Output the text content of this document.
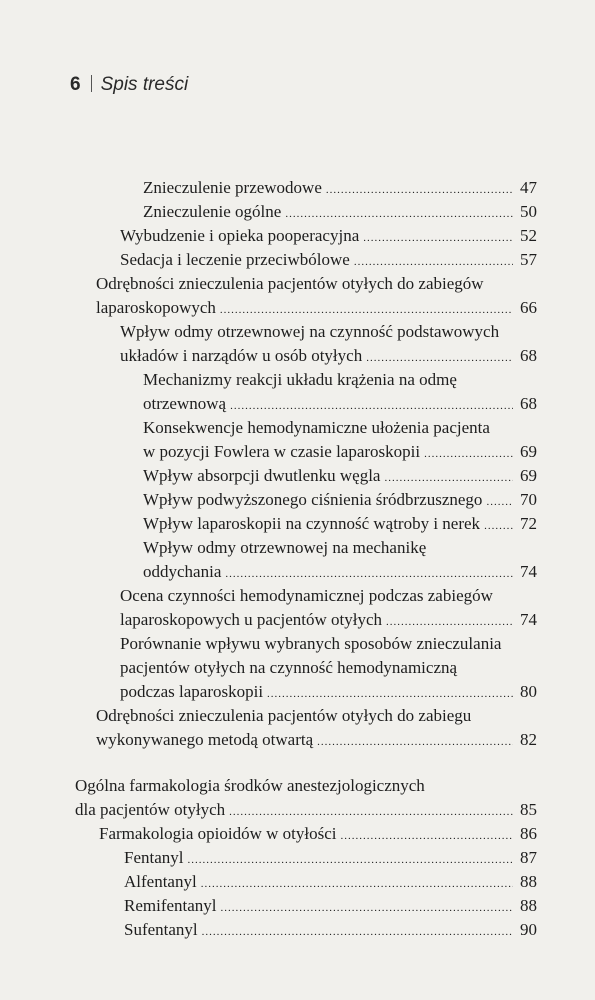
6 Spis treści
Znieczulenie przewodowe .....	47
Znieczulenie ogólne .....	50
Wybudzenie i opieka pooperacyjna .....	52
Sedacja i leczenie przeciwbólowe .....	57
Odrębności znieczulenia pacjentów otyłych do zabiegów
laparoskopowych .....	66
Wpływ odmy otrzewnowej na czynność podstawowych
układów i narządów u osób otyłych .....	68
Mechanizmy reakcji układu krążenia na odmę
otrzewnową .....	68
Konsekwencje hemodynamiczne ułożenia pacjenta
w pozycji Fowlera w czasie laparoskopii .....	69
Wpływ absorpcji dwutlenku węgla .....	69
Wpływ podwyższonego ciśnienia śródbrzusznego ..... 70
Wpływ laparoskopii na czynność wątroby i nerek ..... 72
Wpływ odmy otrzewnowej na mechanikę
oddychania .....	74
Ocena czynności hemodynamicznej podczas zabiegów
laparoskopowych u pacjentów otyłych .....	74
Porównanie wpływu wybranych sposobów znieczulania
pacjentów otyłych na czynność hemodynamiczną
podczas laparoskopii .....	80
Odrębności znieczulenia pacjentów otyłych do zabiegu
wykonywanego metodą otwartą .....	82
Ogólna farmakologia środków anestezjologicznych
dla pacjentów otyłych .....	85
Farmakologia opioidów w otyłości .....	86
Fentanyl .....	87
Alfentanyl .....	88
Remifentanyl .....	88
Sufentanyl .....	90
